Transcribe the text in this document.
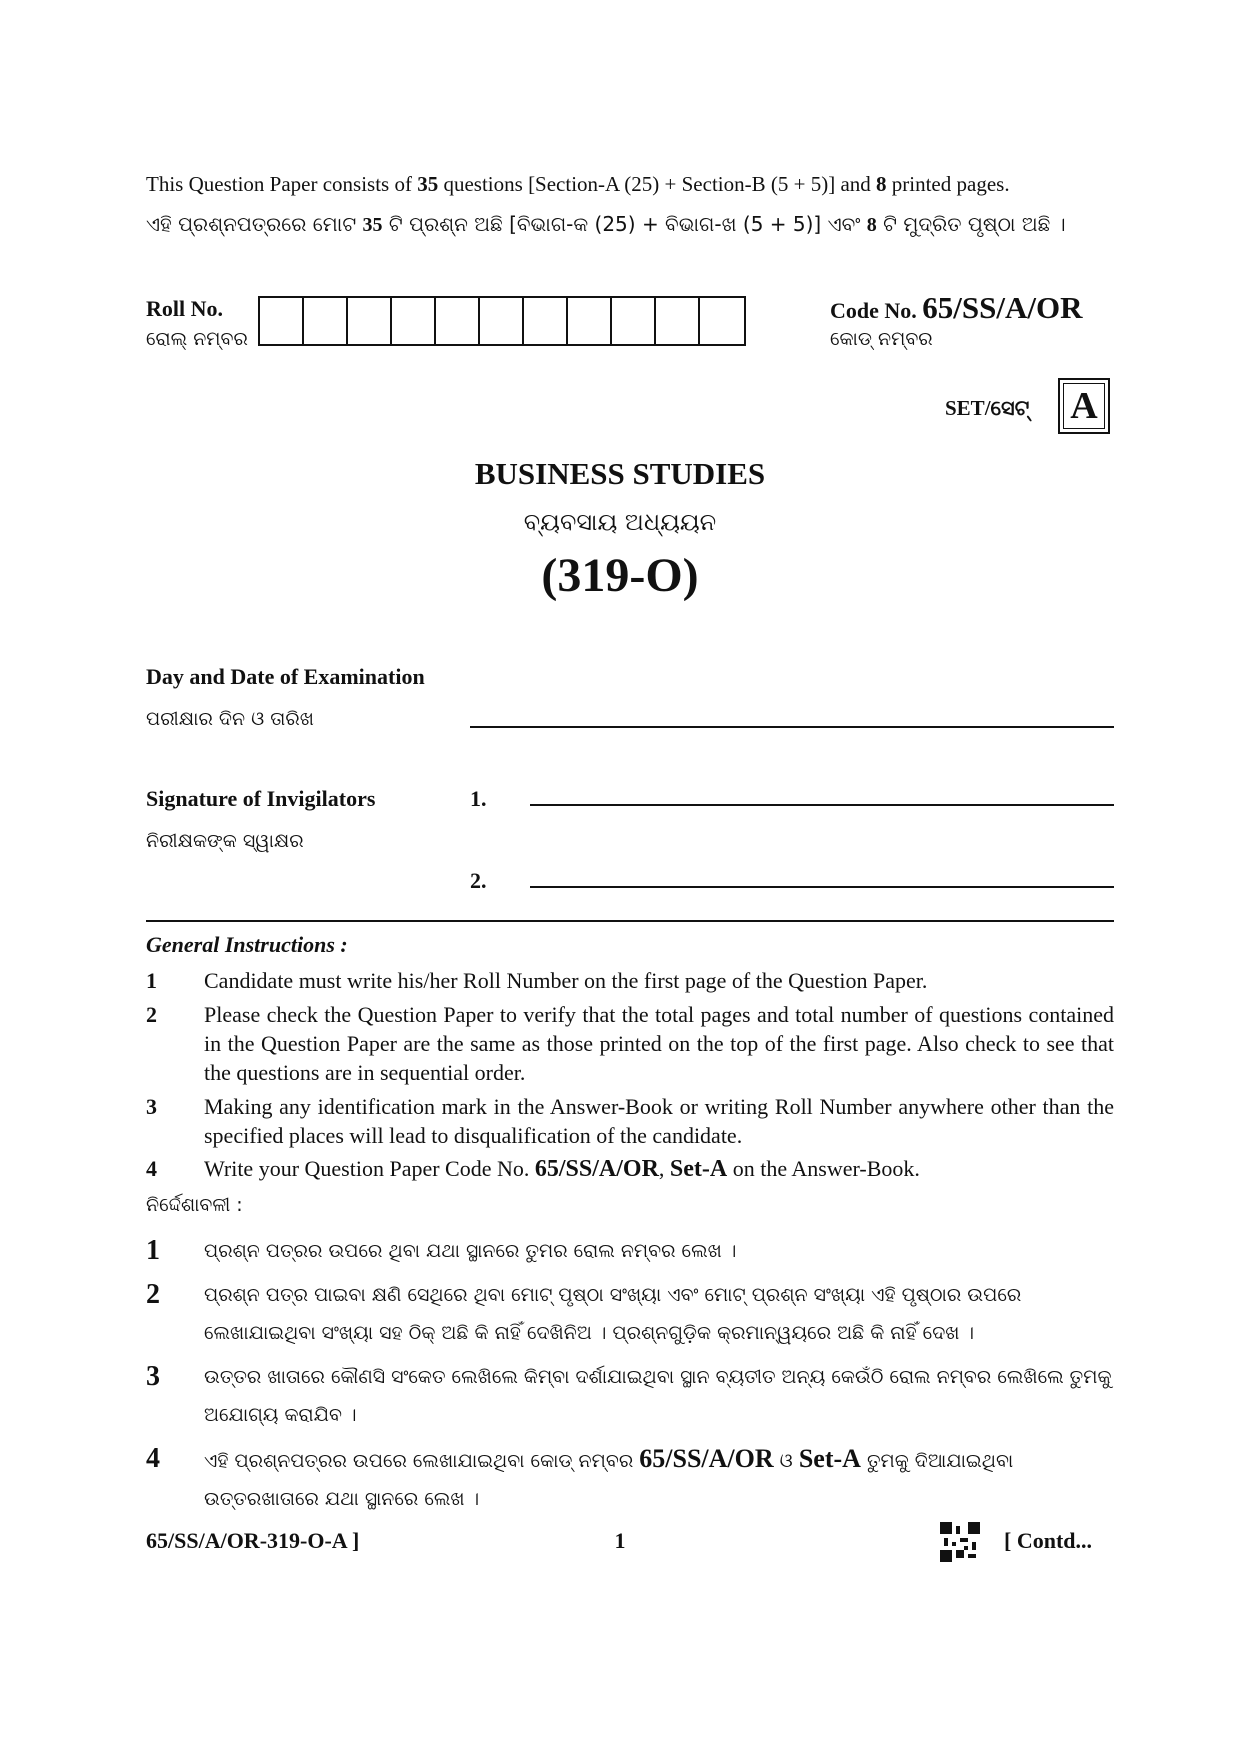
This Question Paper consists of 35 questions [Section-A (25) + Section-B (5 + 5)] and 8 printed pages.
ଏହି ପ୍ରଶ୍ନପତ୍ରରେ ମୋଟ 35 ଟି ପ୍ରଶ୍ନ ଅଛି [ବିଭାଗ-କ (25) + ବିଭାଗ-ଖ (5 + 5)] ଏବଂ 8 ଟି ମୁଦ୍ରିତ ପୃଷ୍ଠା ଅଛି ।
Roll No.
ରୋଲ୍ ନମ୍ବର
Code No. 65/SS/A/OR
କୋଡ୍ ନମ୍ବର
SET/ସେଟ୍ A
BUSINESS STUDIES
ବ୍ୟବସାୟ ଅଧ୍ୟୟନ
(319-O)
Day and Date of Examination
ପରୀକ୍ଷାର ଦିନ ଓ ତାରିଖ
Signature of Invigilators
ନିରୀକ୍ଷକଙ୍କ ସ୍ୱାକ୍ଷର
1.
2.
General Instructions :
1	Candidate must write his/her Roll Number on the first page of the Question Paper.
2	Please check the Question Paper to verify that the total pages and total number of questions contained in the Question Paper are the same as those printed on the top of the first page. Also check to see that the questions are in sequential order.
3	Making any identification mark in the Answer-Book or writing Roll Number anywhere other than the specified places will lead to disqualification of the candidate.
4	Write your Question Paper Code No. 65/SS/A/OR, Set-A on the Answer-Book.
ନିର୍ଦ୍ଦେଶାବଳୀ :
1	ପ୍ରଶ୍ନ ପତ୍ରର ଉପରେ ଥିବା ଯଥା ସ୍ଥାନରେ ତୁମର ରୋଲ ନମ୍ବର ଲେଖ ।
2	ପ୍ରଶ୍ନ ପତ୍ର ପାଇବା କ୍ଷଣି ସେଥିରେ ଥିବା ମୋଟ୍ ପୃଷ୍ଠା ସଂଖ୍ୟା ଏବଂ ମୋଟ୍ ପ୍ରଶ୍ନ ସଂଖ୍ୟା ଏହି ପୃଷ୍ଠାର ଉପରେ ଲେଖାଯାଇଥିବା ସଂଖ୍ୟା ସହ ଠିକ୍ ଅଛି କି ନାହିଁ ଦେଖିନିଅ । ପ୍ରଶ୍ନଗୁଡ଼ିକ କ୍ରମାନ୍ୱୟରେ ଅଛି କି ନାହିଁ ଦେଖ ।
3	ଉତ୍ତର ଖାତାରେ କୌଣସି ସଂକେତ ଲେଖିଲେ କିମ୍ବା ଦର୍ଶାଯାଇଥିବା ସ୍ଥାନ ବ୍ୟତୀତ ଅନ୍ୟ କେଉଁଠି ରୋଲ ନମ୍ବର ଲେଖିଲେ ତୁମକୁ ଅଯୋଗ୍ୟ କରାଯିବ ।
4	ଏହି ପ୍ରଶ୍ନପତ୍ରର ଉପରେ ଲେଖାଯାଇଥିବା କୋଡ୍ ନମ୍ବର 65/SS/A/OR ଓ Set-A ତୁମକୁ ଦିଆଯାଇଥିବା ଉତ୍ତରଖାତାରେ ଯଥା ସ୍ଥାନରେ ଲେଖ ।
65/SS/A/OR-319-O-A ]	1	[ Contd...
